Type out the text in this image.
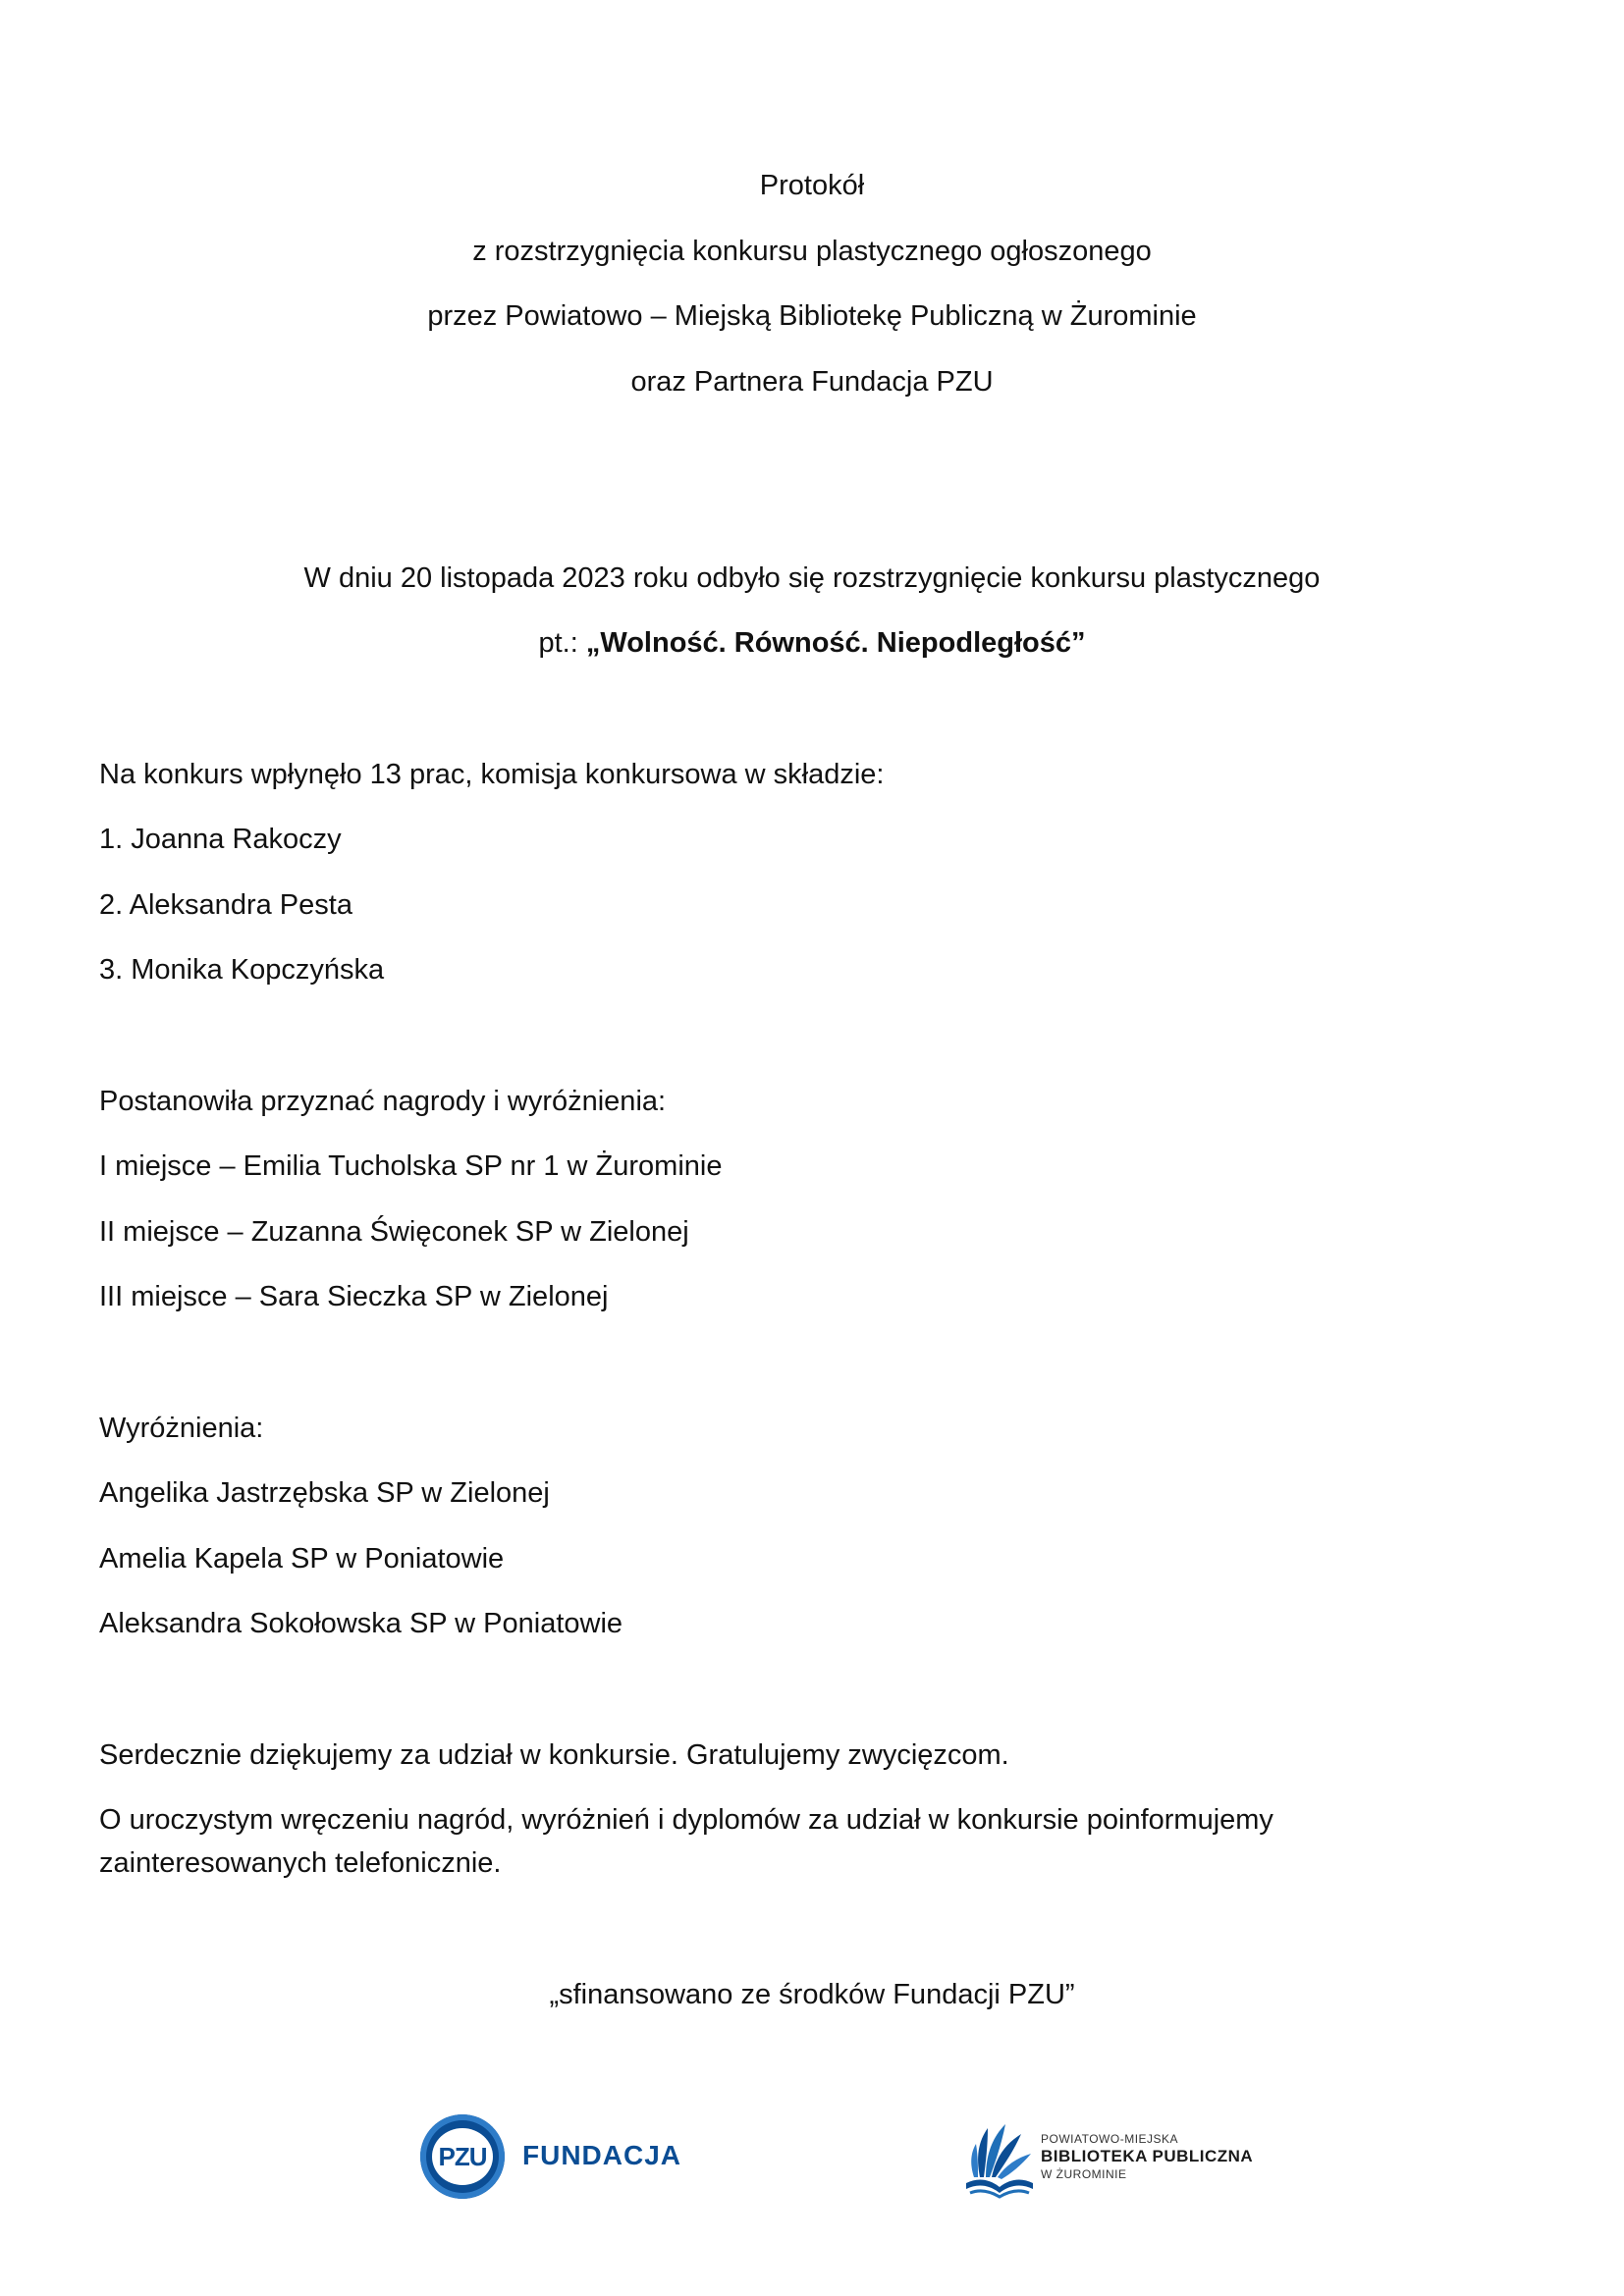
Protokół
z rozstrzygnięcia konkursu plastycznego ogłoszonego
przez Powiatowo – Miejską Bibliotekę Publiczną w Żurominie
oraz Partnera Fundacja PZU
W dniu 20 listopada 2023 roku odbyło się rozstrzygnięcie konkursu plastycznego
pt.: „Wolność. Równość. Niepodległość”
Na konkurs wpłynęło 13 prac, komisja konkursowa w składzie:
1. Joanna Rakoczy
2. Aleksandra Pesta
3. Monika Kopczyńska
Postanowiła przyznać nagrody i wyróżnienia:
I miejsce – Emilia Tucholska SP nr 1 w Żurominie
II miejsce – Zuzanna Święconek SP w Zielonej
III miejsce – Sara Sieczka SP w Zielonej
Wyróżnienia:
Angelika Jastrzębska SP w Zielonej
Amelia Kapela SP w Poniatowie
Aleksandra Sokołowska SP w Poniatowie
Serdecznie dziękujemy za udział w konkursie. Gratulujemy zwycięzcom.
O uroczystym wręczeniu nagród, wyróżnień i dyplomów za udział w konkursie poinformujemy zainteresowanych telefonicznie.
„sfinansowano ze środków Fundacji PZU”
PZU FUNDACJA
POWIATOWO-MIEJSKA
BIBLIOTEKA PUBLICZNA
W ŻUROMINIE
